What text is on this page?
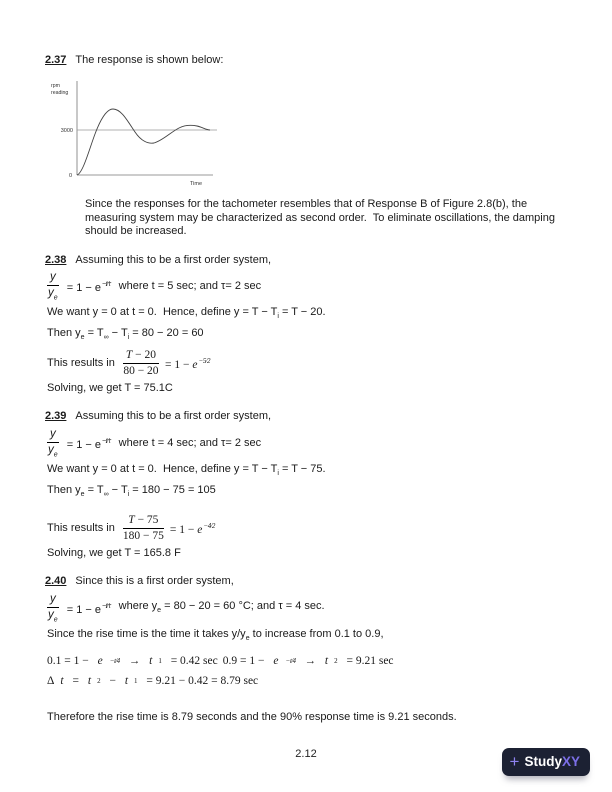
2.37 The response is shown below:
rpm
reading
3000
0
Time

Since the responses for the tachometer resembles that of Response B of Figure 2.8(b), the measuring system may be characterized as second order.  To eliminate oscillations, the damping should be increased.

2.38 Assuming this to be a first order system,
$\frac{y}{y_e} = 1 - e^{-t⁄\tau}$ where t = 5 sec; and τ= 2 sec

We want y = 0 at t = 0.  Hence, define $y = T - T_i = T - 20$.

Then $y_e = T_\infty - T_i = 80 - 20 = 60$

This results in $\frac{T - 20}{80 - 20} = 1 - e^{-5⁄2}$

Solving, we get T = 75.1C

2.39 Assuming this to be a first order system,
$\frac{y}{y_e} = 1 - e^{-t⁄\tau}$ where t = 4 sec; and τ= 2 sec

We want y = 0 at t = 0.  Hence, define $y = T - T_i = T - 75$.

Then $y_e = T_\infty - T_i = 180 - 75 = 105$

This results in $\frac{T - 75}{180 - 75} = 1 - e^{-4⁄2}$

Solving, we get T = 165.8 F

2.40 Since this is a first order system,
$\frac{y}{y_e} = 1 - e^{-t⁄\tau}$ where $y_e = 80 - 20 = 60$ °C; and τ = 4 sec.

Since the rise time is the time it takes $y/y_e$ to increase from 0.1 to 0.9,

0.1 = 1 − e −t⁄4 → t 1 = 0.42 sec

0.9 = 1 − e −t⁄4 → t 2 = 9.21 sec

Δ t = t 2 − t 1 = 9.21 − 0.42 = 8.79 sec

Therefore the rise time is 8.79 seconds and the 90% response time is 9.21 seconds.

2.12	+ Study XY
